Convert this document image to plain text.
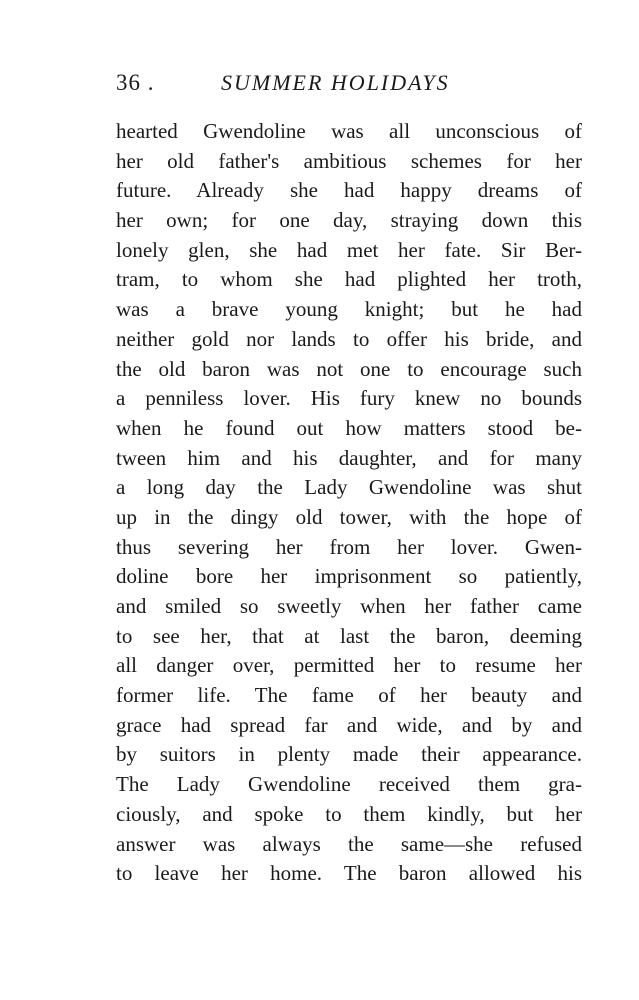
36 .	SUMMER HOLIDAYS
hearted Gwendoline was all unconscious of
her old father's ambitious schemes for her
future. Already she had happy dreams of
her own; for one day, straying down this
lonely glen, she had met her fate. Sir Ber-
tram, to whom she had plighted her troth,
was a brave young knight; but he had
neither gold nor lands to offer his bride, and
the old baron was not one to encourage such
a penniless lover. His fury knew no bounds
when he found out how matters stood be-
tween him and his daughter, and for many
a long day the Lady Gwendoline was shut
up in the dingy old tower, with the hope of
thus severing her from her lover. Gwen-
doline bore her imprisonment so patiently,
and smiled so sweetly when her father came
to see her, that at last the baron, deeming
all danger over, permitted her to resume her
former life. The fame of her beauty and
grace had spread far and wide, and by and
by suitors in plenty made their appearance.
The Lady Gwendoline received them gra-
ciously, and spoke to them kindly, but her
answer was always the same—she refused
to leave her home. The baron allowed his
